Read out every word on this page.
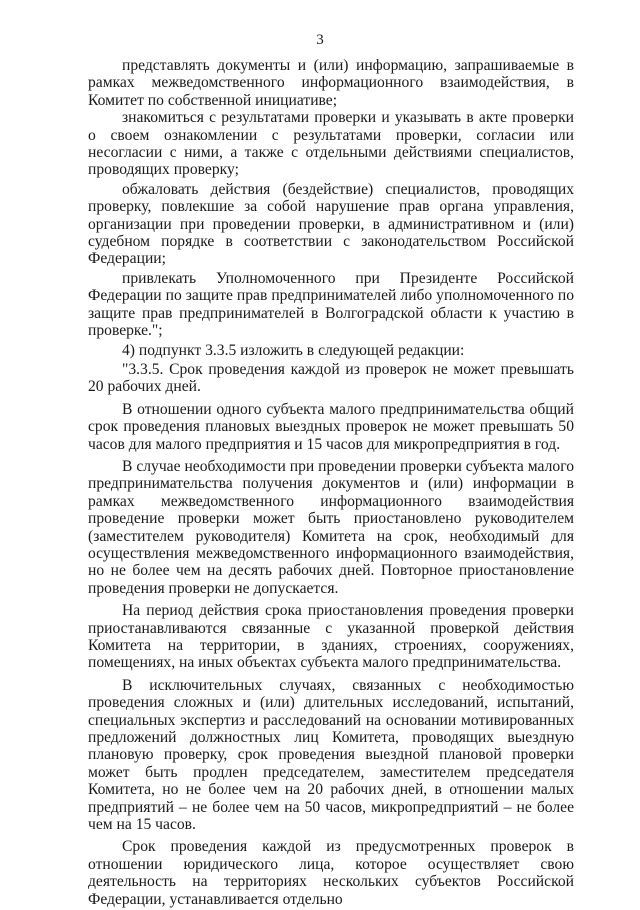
3

представлять документы и (или) информацию, запрашиваемые в рамках межведомственного информационного взаимодействия, в Комитет по собственной инициативе;

знакомиться с результатами проверки и указывать в акте проверки о своем ознакомлении с результатами проверки, согласии или несогласии с ними, а также с отдельными действиями специалистов, проводящих проверку;

обжаловать действия (бездействие) специалистов, проводящих проверку, повлекшие за собой нарушение прав органа управления, организации при проведении проверки, в административном и (или) судебном порядке в соответствии с законодательством Российской Федерации;

привлекать Уполномоченного при Президенте Российской Федерации по защите прав предпринимателей либо уполномоченного по защите прав предпринимателей в Волгоградской области к участию в проверке.";

4) подпункт 3.3.5 изложить в следующей редакции:

"3.3.5. Срок проведения каждой из проверок не может превышать 20 рабочих дней.

В отношении одного субъекта малого предпринимательства общий срок проведения плановых выездных проверок не может превышать 50 часов для малого предприятия и 15 часов для микропредприятия в год.

В случае необходимости при проведении проверки субъекта малого предпринимательства получения документов и (или) информации в рамках межведомственного информационного взаимодействия проведение проверки может быть приостановлено руководителем (заместителем руководителя) Комитета на срок, необходимый для осуществления межведомственного информационного взаимодействия, но не более чем на десять рабочих дней. Повторное приостановление проведения проверки не допускается.

На период действия срока приостановления проведения проверки приостанавливаются связанные с указанной проверкой действия Комитета на территории, в зданиях, строениях, сооружениях, помещениях, на иных объектах субъекта малого предпринимательства.

В исключительных случаях, связанных с необходимостью проведения сложных и (или) длительных исследований, испытаний, специальных экспертиз и расследований на основании мотивированных предложений должностных лиц Комитета, проводящих выездную плановую проверку, срок проведения выездной плановой проверки может быть продлен председателем, заместителем председателя Комитета, но не более чем на 20 рабочих дней, в отношении малых предприятий – не более чем на 50 часов, микропредприятий – не более чем на 15 часов.

Срок проведения каждой из предусмотренных проверок в отношении юридического лица, которое осуществляет свою деятельность на территориях нескольких субъектов Российской Федерации, устанавливается отдельно
